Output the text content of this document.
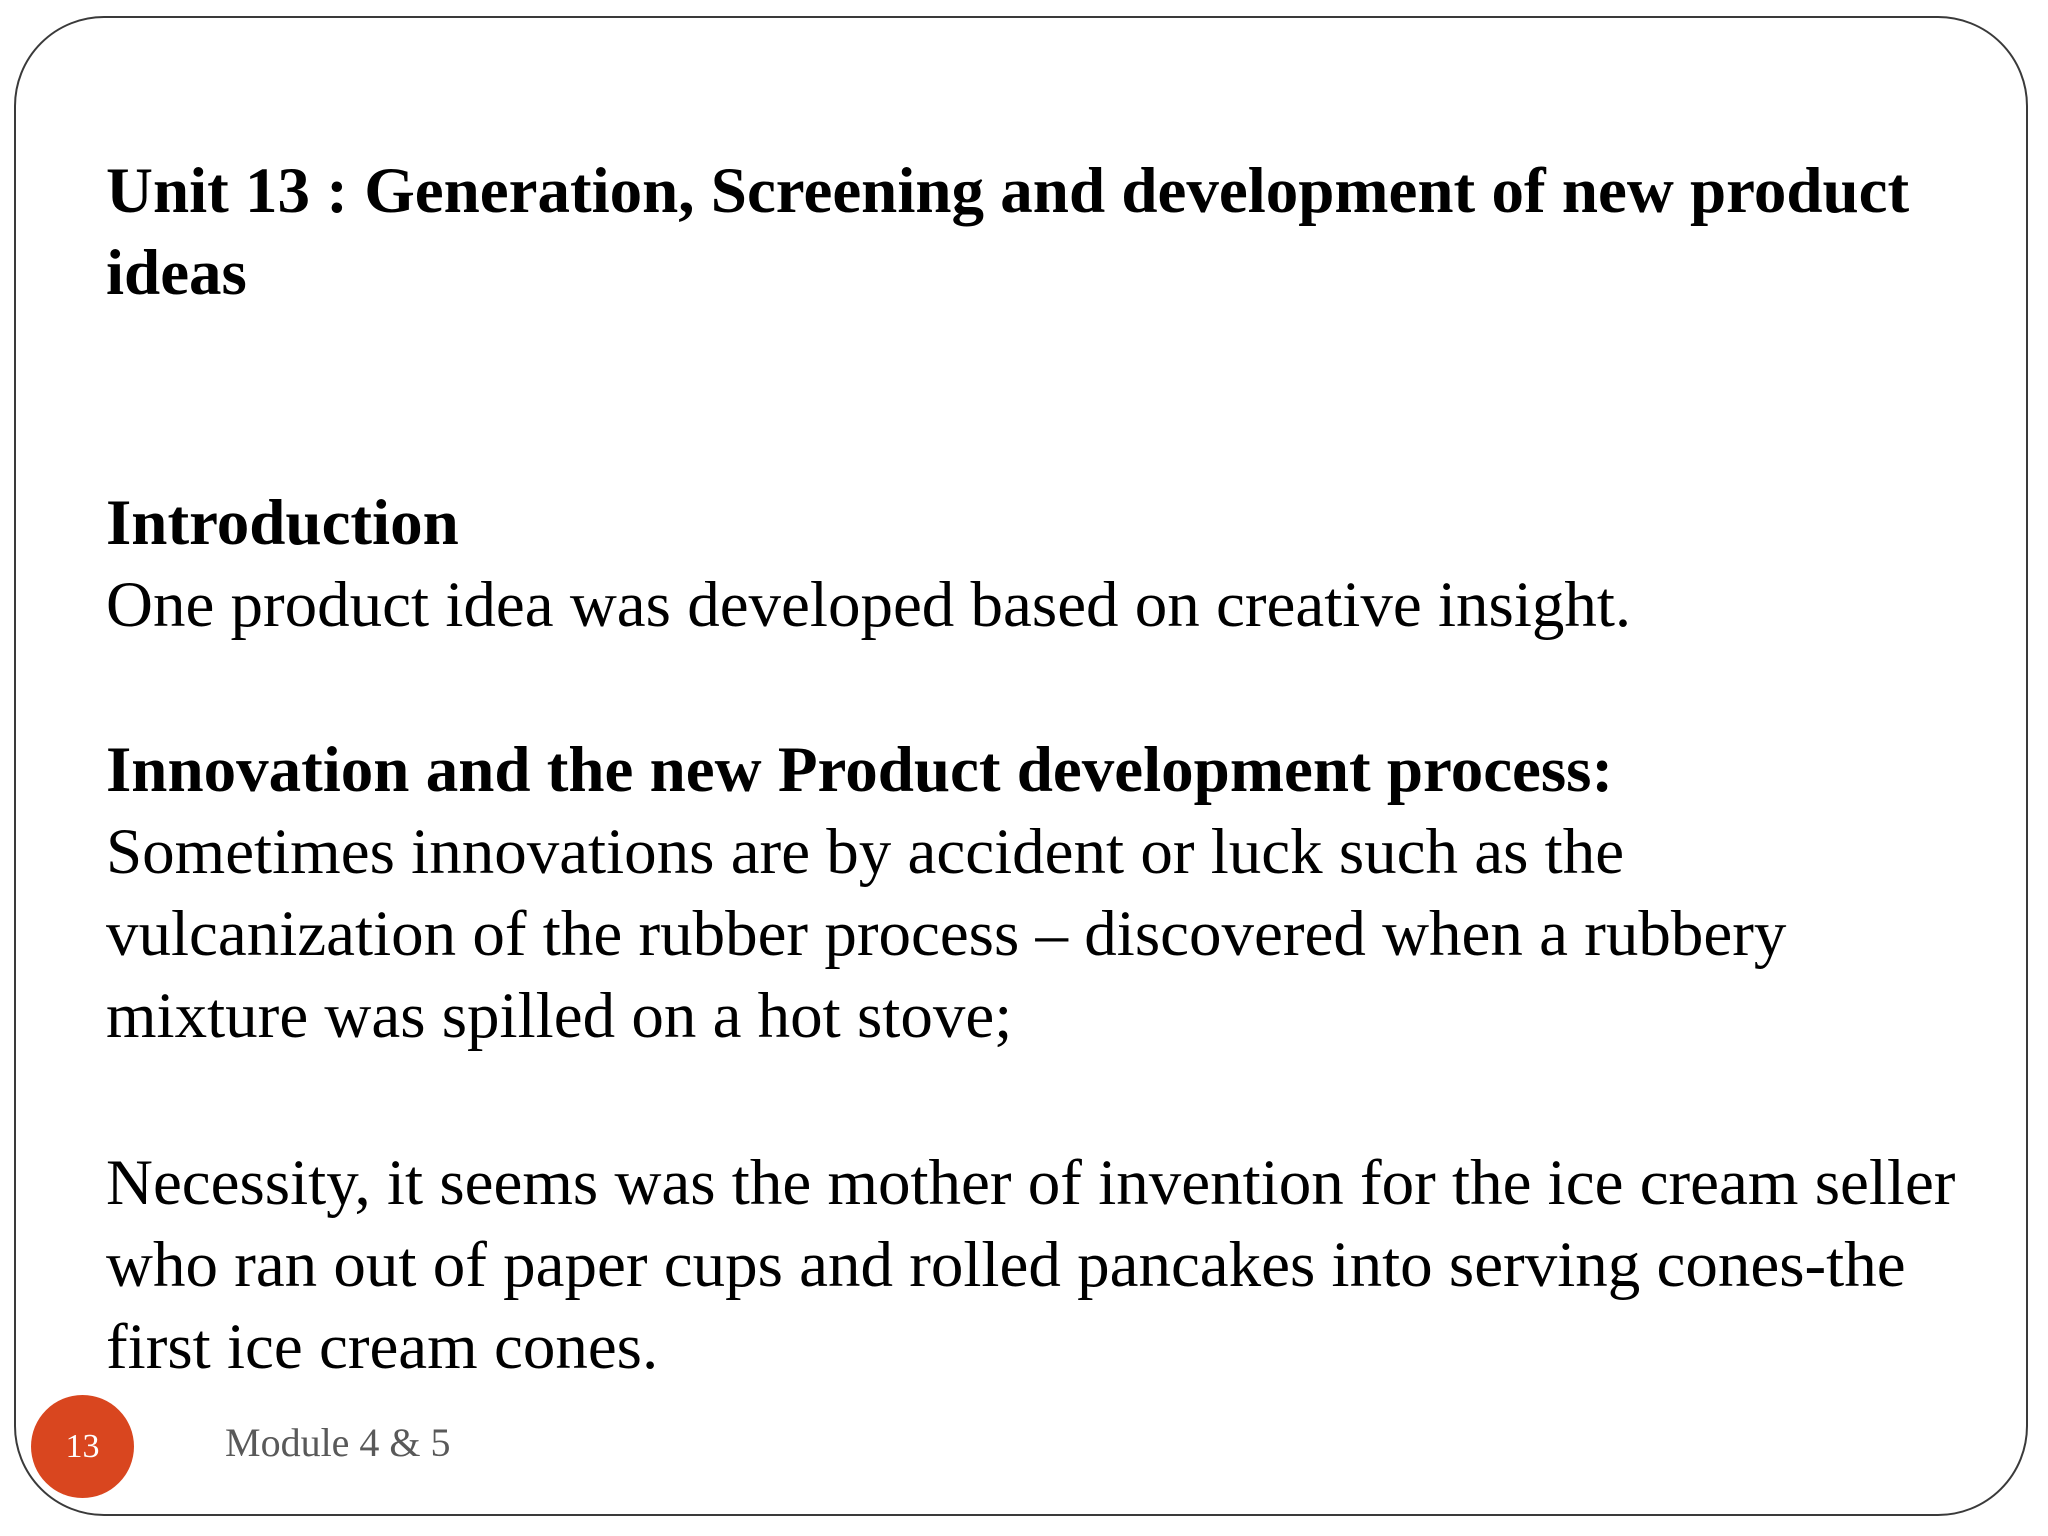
Unit 13 : Generation, Screening and development of new product ideas
Introduction
One product idea was developed based on creative insight.
Innovation and the new Product development process:
Sometimes innovations are by accident or luck such as the vulcanization of the rubber process – discovered when a rubbery mixture was spilled on a hot stove;
Necessity, it seems was the mother of invention for the ice cream seller who ran out of paper cups and rolled pancakes into serving cones-the first ice cream cones.
13	Module 4 & 5
